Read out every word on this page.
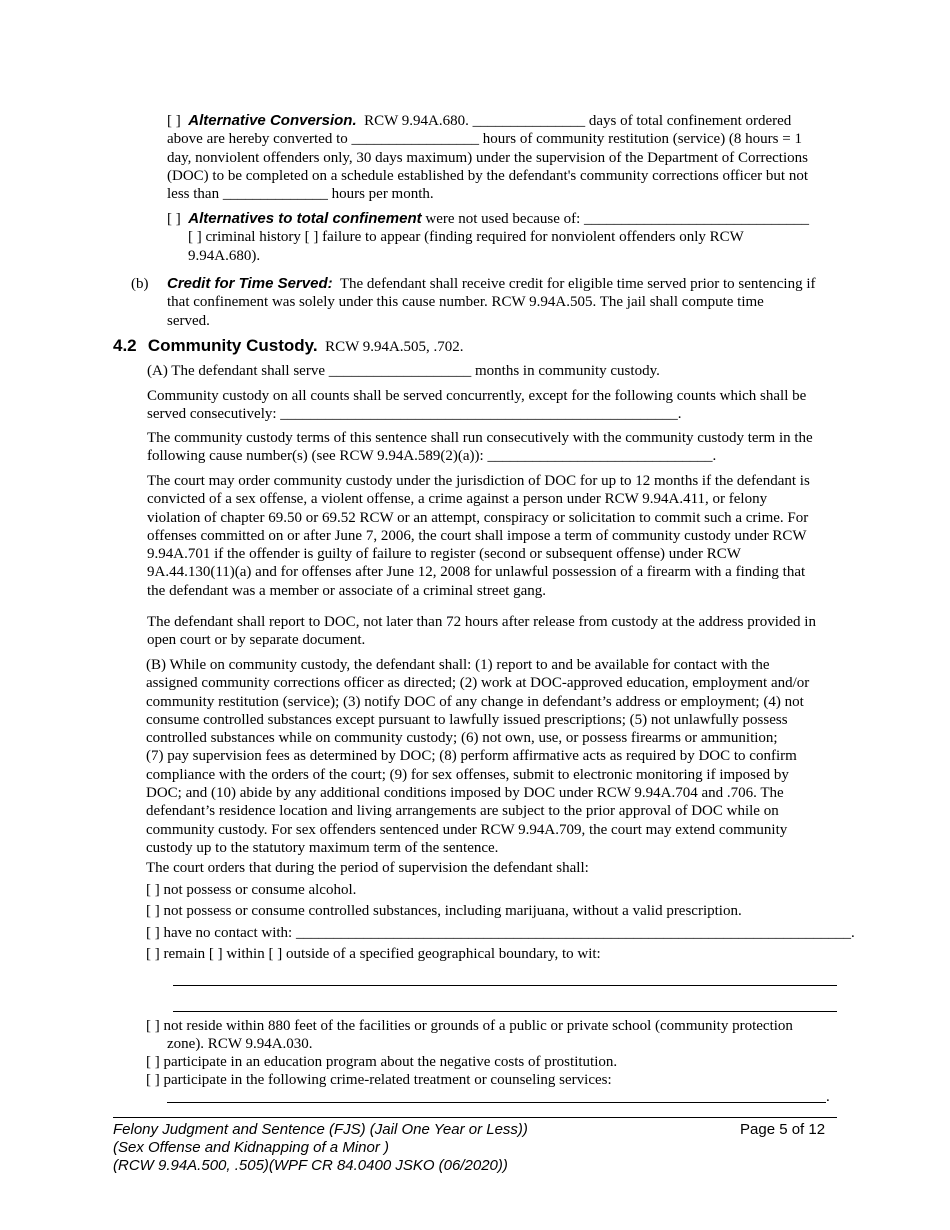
[ ] Alternative Conversion. RCW 9.94A.680. _______________ days of total confinement ordered
above are hereby converted to _________________ hours of community restitution (service) (8 hours = 1
day, nonviolent offenders only, 30 days maximum) under the supervision of the Department of Corrections
(DOC) to be completed on a schedule established by the defendant's community corrections officer but not
less than ______________ hours per month.
[ ] Alternatives to total confinement were not used because of: ______________________________
[ ] criminal history [ ] failure to appear (finding required for nonviolent offenders only RCW
9.94A.680).
(b) Credit for Time Served: The defendant shall receive credit for eligible time served prior to sentencing if
that confinement was solely under this cause number. RCW 9.94A.505. The jail shall compute time
served.
4.2 Community Custody. RCW 9.94A.505, .702.
(A) The defendant shall serve ___________________ months in community custody.
Community custody on all counts shall be served concurrently, except for the following counts which shall be
served consecutively: _____________________________________________________.
The community custody terms of this sentence shall run consecutively with the community custody term in the
following cause number(s) (see RCW 9.94A.589(2)(a)): ______________________________.
The court may order community custody under the jurisdiction of DOC for up to 12 months if the defendant is
convicted of a sex offense, a violent offense, a crime against a person under RCW 9.94A.411, or felony
violation of chapter 69.50 or 69.52 RCW or an attempt, conspiracy or solicitation to commit such a crime. For
offenses committed on or after June 7, 2006, the court shall impose a term of community custody under RCW
9.94A.701 if the offender is guilty of failure to register (second or subsequent offense) under RCW
9A.44.130(11)(a) and for offenses after June 12, 2008 for unlawful possession of a firearm with a finding that
the defendant was a member or associate of a criminal street gang.
The defendant shall report to DOC, not later than 72 hours after release from custody at the address provided in
open court or by separate document.
(B) While on community custody, the defendant shall: (1) report to and be available for contact with the
assigned community corrections officer as directed; (2) work at DOC-approved education, employment and/or
community restitution (service); (3) notify DOC of any change in defendant’s address or employment; (4) not
consume controlled substances except pursuant to lawfully issued prescriptions; (5) not unlawfully possess
controlled substances while on community custody; (6) not own, use, or possess firearms or ammunition;
(7) pay supervision fees as determined by DOC; (8) perform affirmative acts as required by DOC to confirm
compliance with the orders of the court; (9) for sex offenses, submit to electronic monitoring if imposed by
DOC; and (10) abide by any additional conditions imposed by DOC under RCW 9.94A.704 and .706. The
defendant’s residence location and living arrangements are subject to the prior approval of DOC while on
community custody. For sex offenders sentenced under RCW 9.94A.709, the court may extend community
custody up to the statutory maximum term of the sentence.
The court orders that during the period of supervision the defendant shall:
[ ] not possess or consume alcohol.
[ ] not possess or consume controlled substances, including marijuana, without a valid prescription.
[ ] have no contact with: __________________________________________________________________________.
[ ] remain [ ] within [ ] outside of a specified geographical boundary, to wit:
[ ] not reside within 880 feet of the facilities or grounds of a public or private school (community protection
zone). RCW 9.94A.030.
[ ] participate in an education program about the negative costs of prostitution.
[ ] participate in the following crime-related treatment or counseling services:
.
Felony Judgment and Sentence (FJS) (Jail One Year or Less))
(Sex Offense and Kidnapping of a Minor )
(RCW 9.94A.500, .505)(WPF CR 84.0400 JSKO (06/2020))
Page 5 of 12
